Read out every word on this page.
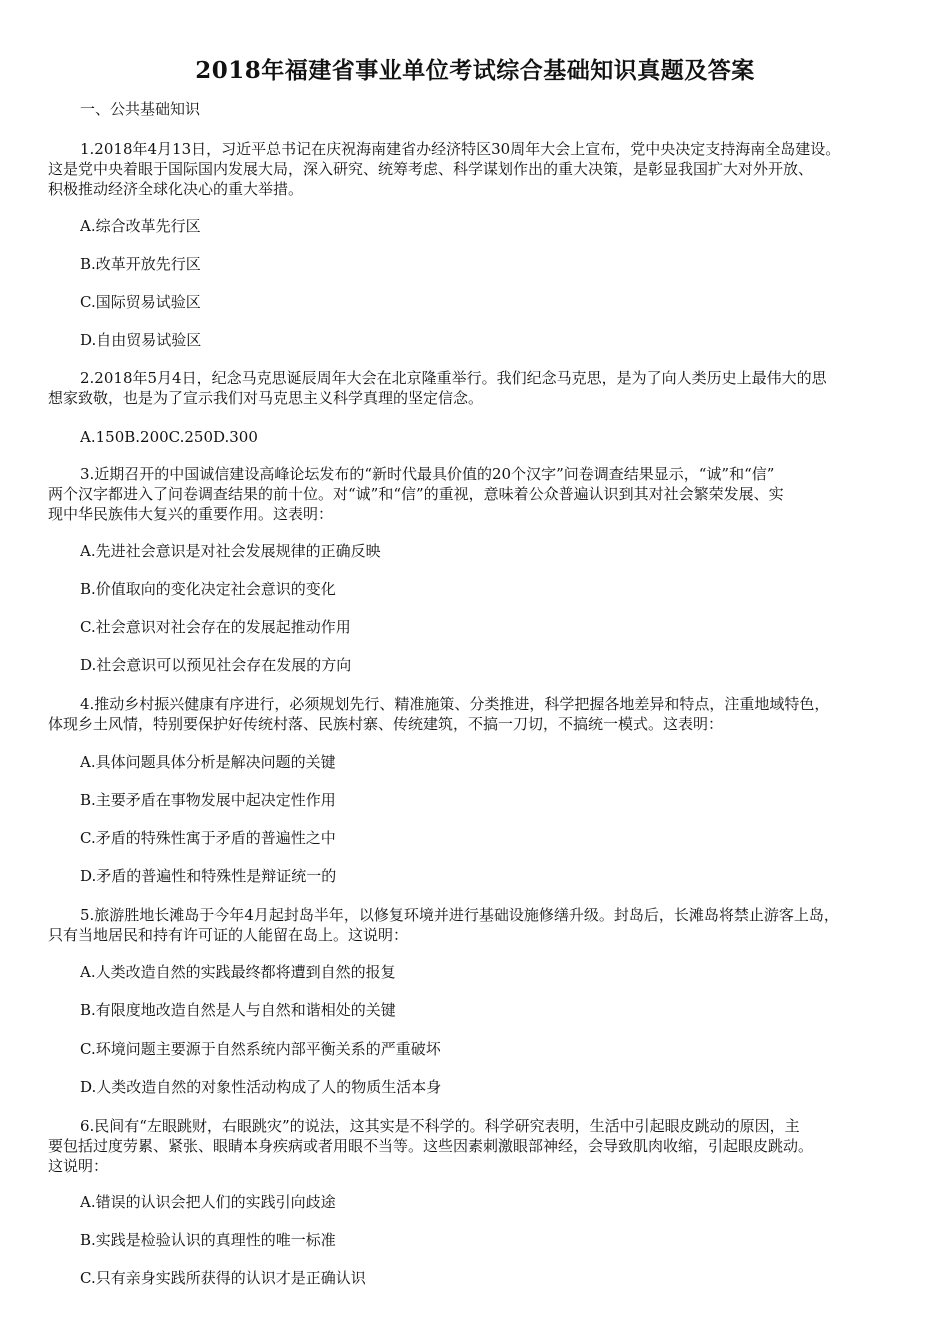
2018年福建省事业单位考试综合基础知识真题及答案

一、公共基础知识

1.2018年4月13日，习近平总书记在庆祝海南建省办经济特区30周年大会上宣布，党中央决定支持海南全岛建设。

这是党中央着眼于国际国内发展大局，深入研究、统筹考虑、科学谋划作出的重大决策，是彰显我国扩大对外开放、

积极推动经济全球化决心的重大举措。

A.综合改革先行区

B.改革开放先行区

C.国际贸易试验区

D.自由贸易试验区

2.2018年5月4日，纪念马克思诞辰周年大会在北京隆重举行。我们纪念马克思，是为了向人类历史上最伟大的思

想家致敬，也是为了宣示我们对马克思主义科学真理的坚定信念。

A.150B.200C.250D.300

3.近期召开的中国诚信建设高峰论坛发布的“新时代最具价值的20个汉字”问卷调查结果显示，“诚”和“信”

两个汉字都进入了问卷调查结果的前十位。对“诚”和“信”的重视，意味着公众普遍认识到其对社会繁荣发展、实

现中华民族伟大复兴的重要作用。这表明：

A.先进社会意识是对社会发展规律的正确反映

B.价值取向的变化决定社会意识的变化

C.社会意识对社会存在的发展起推动作用

D.社会意识可以预见社会存在发展的方向

4.推动乡村振兴健康有序进行，必须规划先行、精准施策、分类推进，科学把握各地差异和特点，注重地域特色，

体现乡土风情，特别要保护好传统村落、民族村寨、传统建筑，不搞一刀切，不搞统一模式。这表明：

A.具体问题具体分析是解决问题的关键

B.主要矛盾在事物发展中起决定性作用

C.矛盾的特殊性寓于矛盾的普遍性之中

D.矛盾的普遍性和特殊性是辩证统一的

5.旅游胜地长滩岛于今年4月起封岛半年，以修复环境并进行基础设施修缮升级。封岛后，长滩岛将禁止游客上岛，

只有当地居民和持有许可证的人能留在岛上。这说明：

A.人类改造自然的实践最终都将遭到自然的报复

B.有限度地改造自然是人与自然和谐相处的关键

C.环境问题主要源于自然系统内部平衡关系的严重破坏

D.人类改造自然的对象性活动构成了人的物质生活本身

6.民间有“左眼跳财，右眼跳灾”的说法，这其实是不科学的。科学研究表明，生活中引起眼皮跳动的原因，主

要包括过度劳累、紧张、眼睛本身疾病或者用眼不当等。这些因素刺激眼部神经，会导致肌肉收缩，引起眼皮跳动。

这说明：

A.错误的认识会把人们的实践引向歧途

B.实践是检验认识的真理性的唯一标准

C.只有亲身实践所获得的认识才是正确认识
